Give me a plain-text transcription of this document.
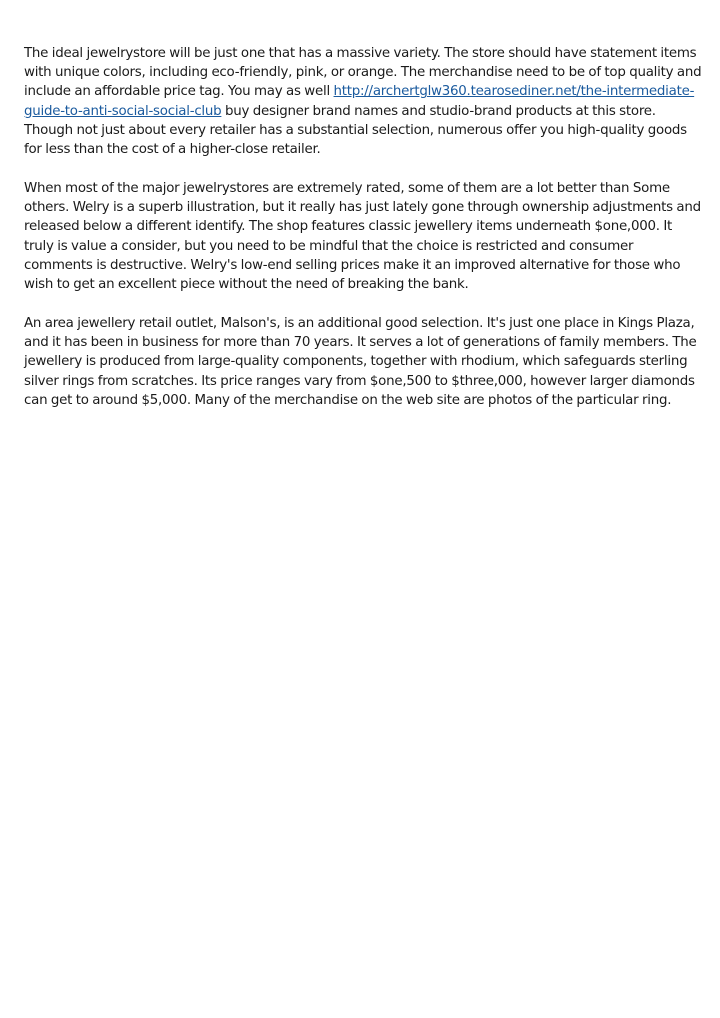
The ideal jewelrystore will be just one that has a massive variety. The store should have statement items with unique colors, including eco-friendly, pink, or orange. The merchandise need to be of top quality and include an affordable price tag. You may as well http://archertglw360.tearosediner.net/the-intermediate-guide-to-anti-social-social-club buy designer brand names and studio-brand products at this store. Though not just about every retailer has a substantial selection, numerous offer you high-quality goods for less than the cost of a higher-close retailer.

When most of the major jewelrystores are extremely rated, some of them are a lot better than Some others. Welry is a superb illustration, but it really has just lately gone through ownership adjustments and released below a different identify. The shop features classic jewellery items underneath $one,000. It truly is value a consider, but you need to be mindful that the choice is restricted and consumer comments is destructive. Welry's low-end selling prices make it an improved alternative for those who wish to get an excellent piece without the need of breaking the bank.

An area jewellery retail outlet, Malson's, is an additional good selection. It's just one place in Kings Plaza, and it has been in business for more than 70 years. It serves a lot of generations of family members. The jewellery is produced from large-quality components, together with rhodium, which safeguards sterling silver rings from scratches. Its price ranges vary from $one,500 to $three,000, however larger diamonds can get to around $5,000. Many of the merchandise on the web site are photos of the particular ring.
